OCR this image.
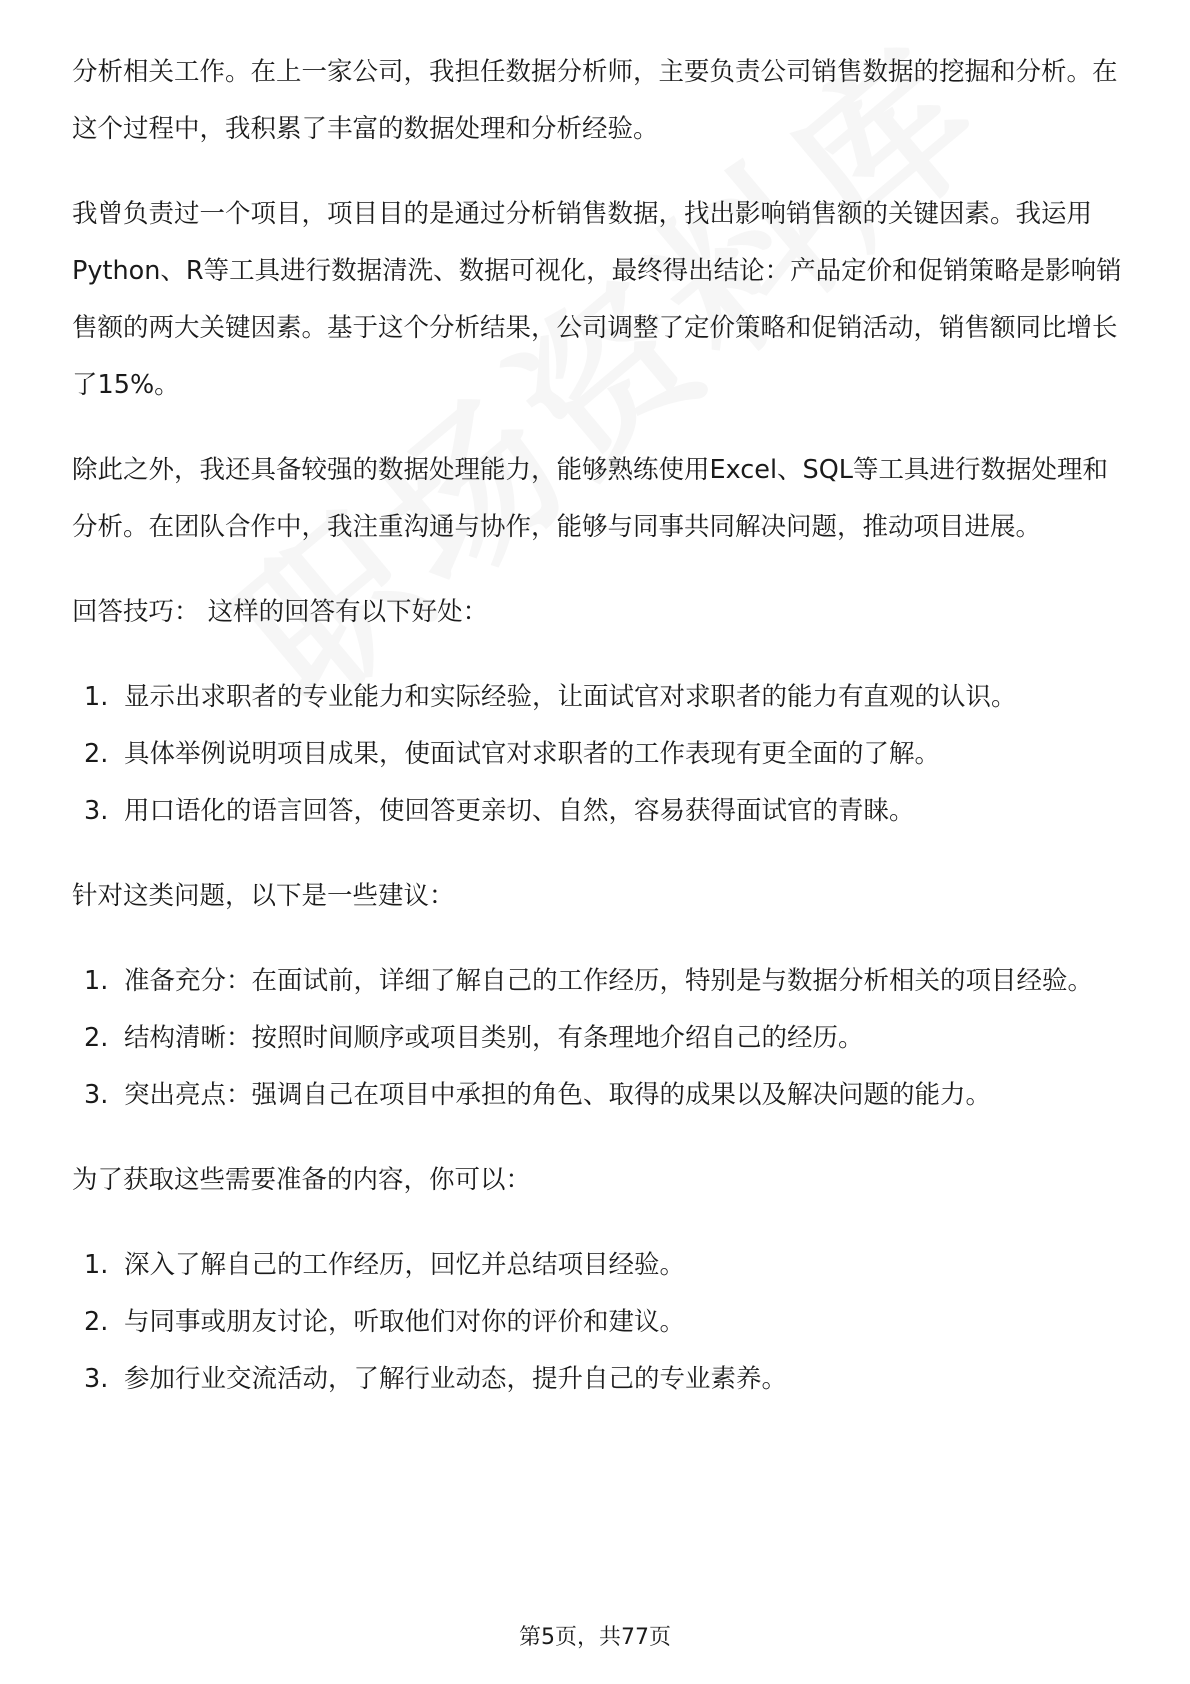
分析相关工作。在上一家公司，我担任数据分析师，主要负责公司销售数据的挖掘和分析。在这个过程中，我积累了丰富的数据处理和分析经验。

我曾负责过一个项目，项目目的是通过分析销售数据，找出影响销售额的关键因素。我运用Python、R等工具进行数据清洗、数据可视化，最终得出结论：产品定价和促销策略是影响销售额的两大关键因素。基于这个分析结果，公司调整了定价策略和促销活动，销售额同比增长了15%。

除此之外，我还具备较强的数据处理能力，能够熟练使用Excel、SQL等工具进行数据处理和分析。在团队合作中，我注重沟通与协作，能够与同事共同解决问题，推动项目进展。

回答技巧： 这样的回答有以下好处：

1. 显示出求职者的专业能力和实际经验，让面试官对求职者的能力有直观的认识。
2. 具体举例说明项目成果，使面试官对求职者的工作表现有更全面的了解。
3. 用口语化的语言回答，使回答更亲切、自然，容易获得面试官的青睐。

针对这类问题，以下是一些建议：

1. 准备充分：在面试前，详细了解自己的工作经历，特别是与数据分析相关的项目经验。
2. 结构清晰：按照时间顺序或项目类别，有条理地介绍自己的经历。
3. 突出亮点：强调自己在项目中承担的角色、取得的成果以及解决问题的能力。

为了获取这些需要准备的内容，你可以：

1. 深入了解自己的工作经历，回忆并总结项目经验。
2. 与同事或朋友讨论，听取他们对你的评价和建议。
3. 参加行业交流活动，了解行业动态，提升自己的专业素养。
第5页，共77页
